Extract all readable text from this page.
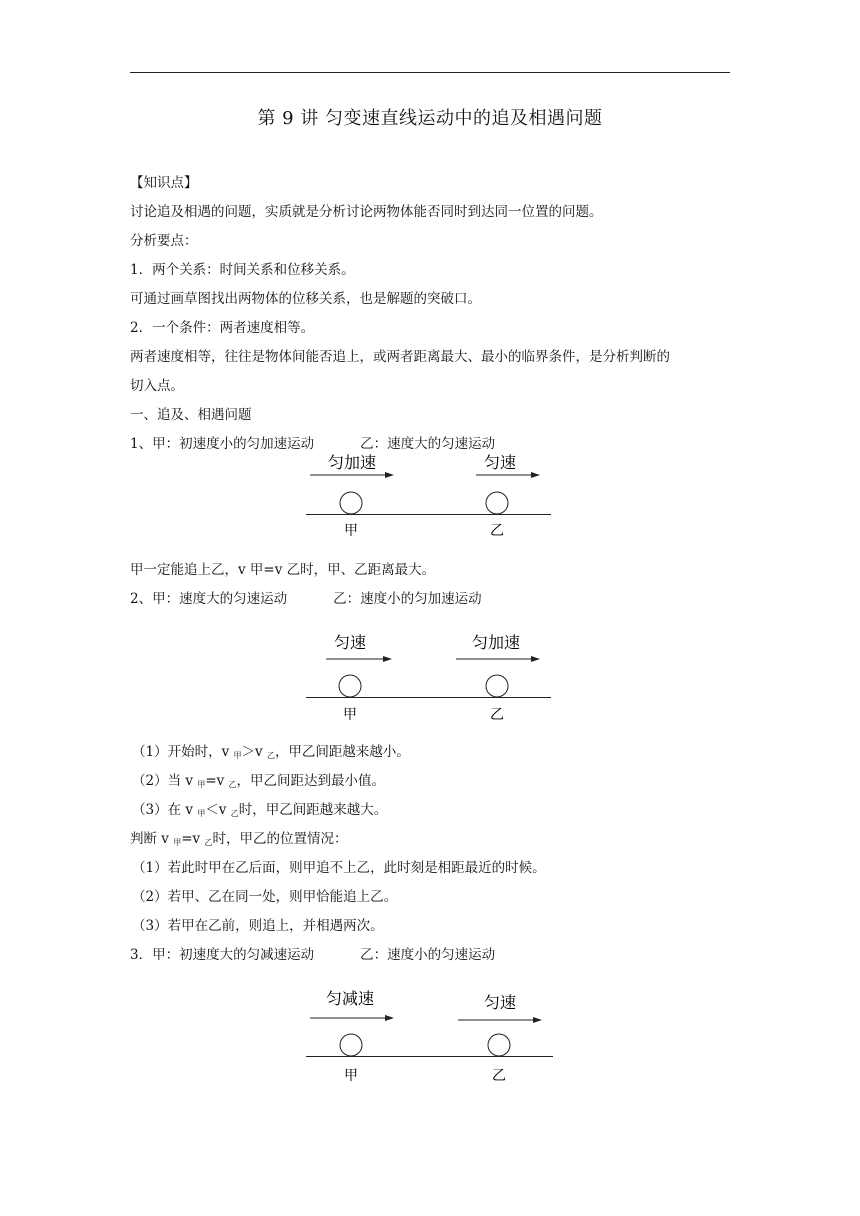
第 9 讲 匀变速直线运动中的追及相遇问题
【知识点】
讨论追及相遇的问题，实质就是分析讨论两物体能否同时到达同一位置的问题。
分析要点：
1．两个关系：时间关系和位移关系。
可通过画草图找出两物体的位移关系，也是解题的突破口。
2．一个条件：两者速度相等。
两者速度相等，往往是物体间能否追上，或两者距离最大、最小的临界条件，是分析判断的
切入点。
一、追及、相遇问题
1、甲：初速度小的匀加速运动	乙：速度大的匀速运动
匀加速	匀速
甲	乙
甲一定能追上乙，v 甲=v 乙时，甲、乙距离最大。
2、甲：速度大的匀速运动	乙：速度小的匀加速运动
匀速	匀加速
甲	乙
（1）开始时，v $_甲$＞v $_乙$，甲乙间距越来越小。
（2）当 v $_甲$=v $_乙$，甲乙间距达到最小值。
（3）在 v $_甲$＜v $_乙$时，甲乙间距越来越大。
判断 v $_甲$=v $_乙$时，甲乙的位置情况：
（1）若此时甲在乙后面，则甲追不上乙，此时刻是相距最近的时候。
（2）若甲、乙在同一处，则甲恰能追上乙。
（3）若甲在乙前，则追上，并相遇两次。
3．甲：初速度大的匀减速运动	乙：速度小的匀速运动
匀减速	匀速
甲	乙
